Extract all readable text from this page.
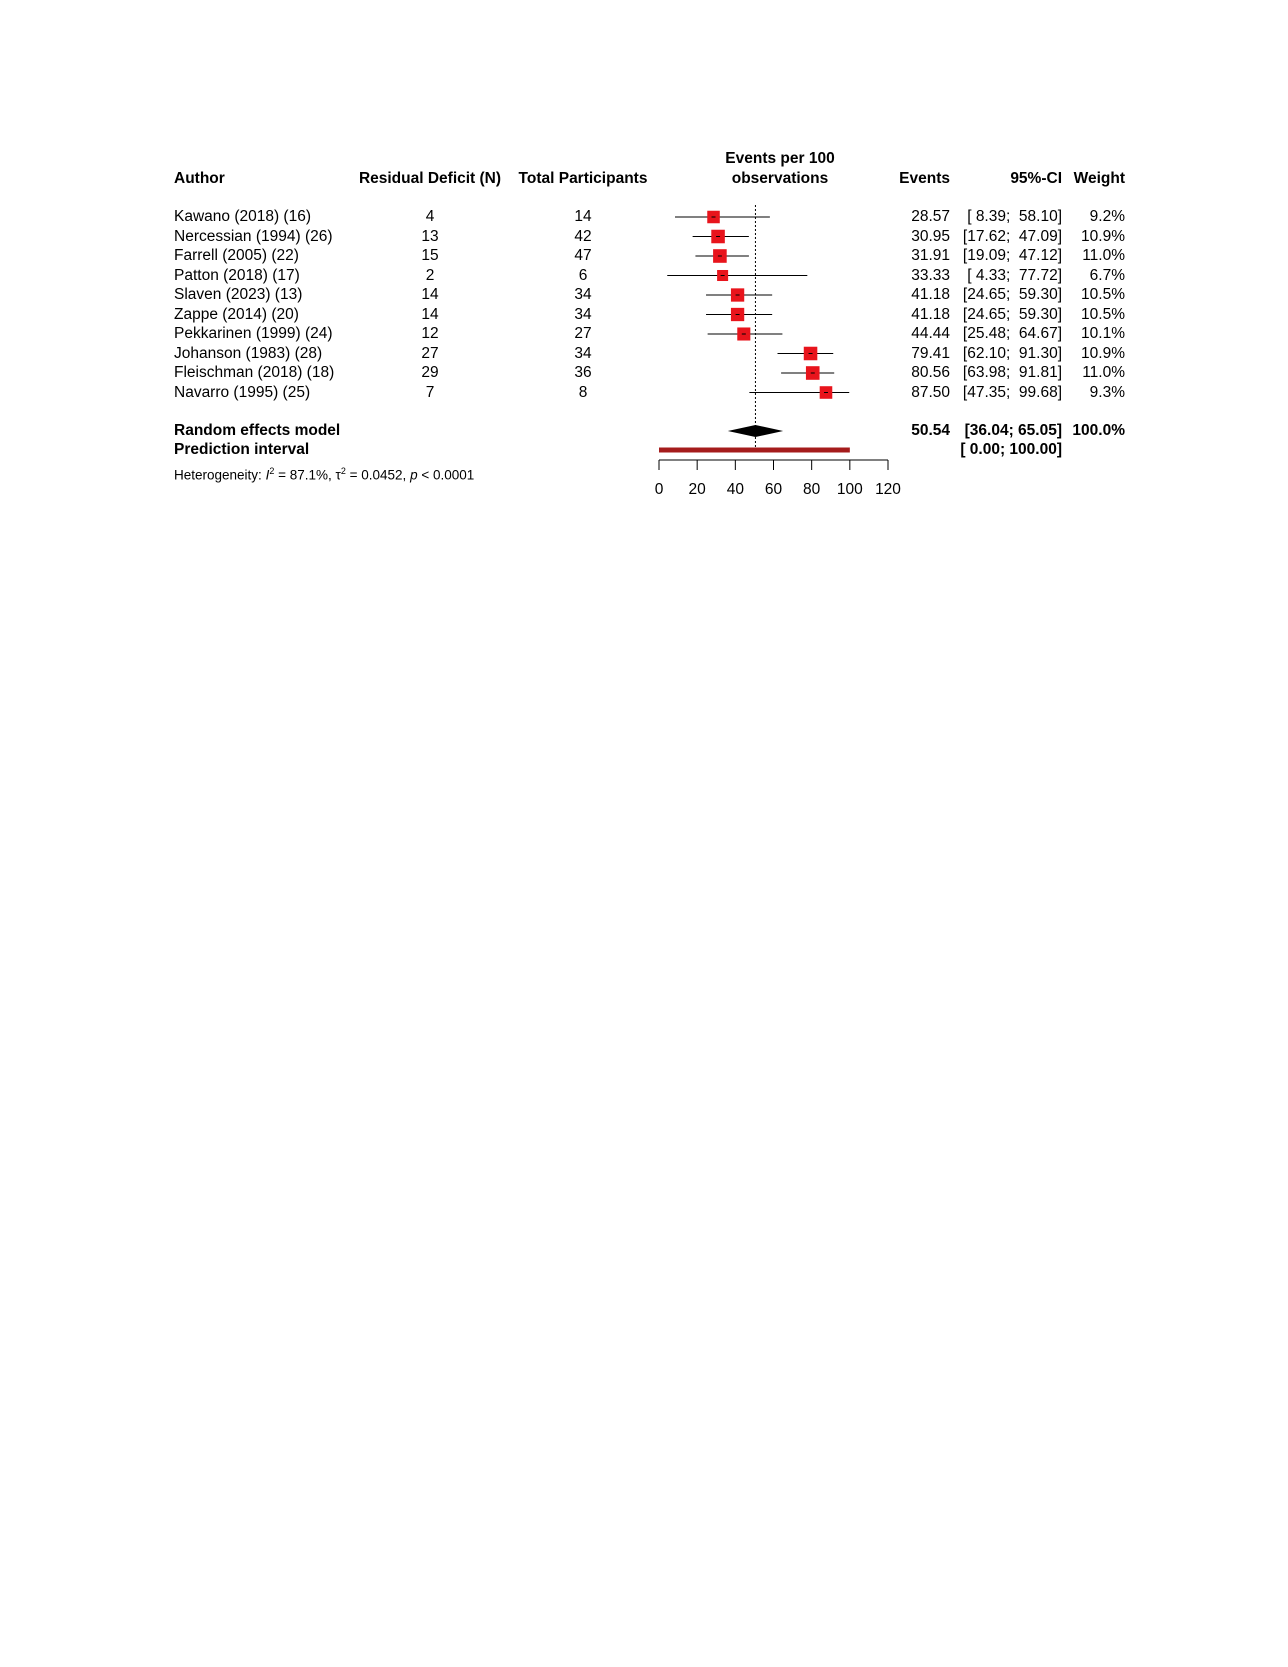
Author	Residual Deficit (N)	Total Participants
Events per 100
observations	Events	95%-CI Weight
Kawano (2018) (16)	4	14	28.57	[ 8.39;  58.10]	9.2%
Nercessian (1994) (26)	13	42	30.95 [17.62;  47.09]	10.9%
Farrell (2005) (22)	15	47	31.91 [19.09;  47.12]	11.0%
Patton (2018) (17)	2	6	33.33	[ 4.33;  77.72]	6.7%
Slaven (2023) (13)	14	34	41.18 [24.65;  59.30]	10.5%
Zappe (2014) (20)	14	34	41.18 [24.65;  59.30]	10.5%
Pekkarinen (1999) (24)	12	27	44.44 [25.48;  64.67]	10.1%
Johanson (1983) (28)	27	34	79.41 [62.10;  91.30]	10.9%
Fleischman (2018) (18)	29	36	80.56 [63.98;  91.81]	11.0%
Navarro (1995) (25)	7	8	87.50 [47.35;  99.68]	9.3%
Random effects model	50.54 [36.04; 65.05] 100.0%
Prediction interval	[ 0.00; 100.00]
Heterogeneity: $I^2 = 87.1\%$, $\tau^2 = 0.0452$, p < 0.0001
0 20 40 60 80 100 120
